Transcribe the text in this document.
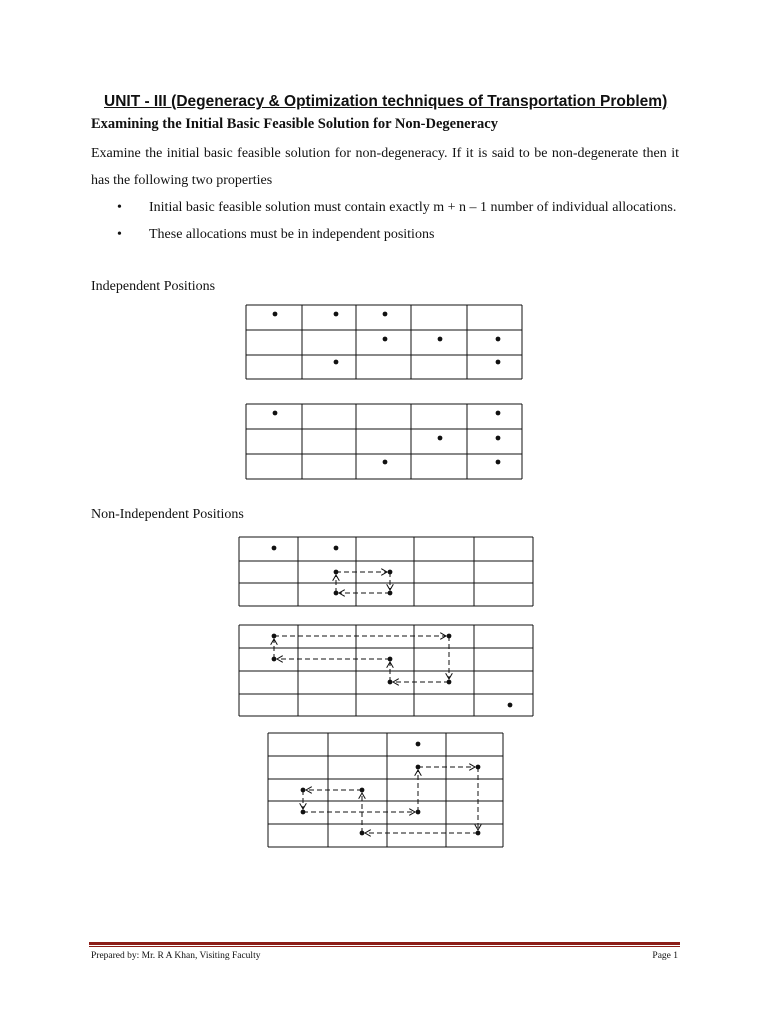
UNIT - III (Degeneracy & Optimization techniques of Transportation Problem)
Examining the Initial Basic Feasible Solution for Non-Degeneracy

Examine the initial basic feasible solution for non-degeneracy. If it is said to be non-degenerate then it has the following two properties

• Initial basic feasible solution must contain exactly m + n – 1 number of individual allocations.
• These allocations must be in independent positions

Independent Positions

Non-Independent Positions

Prepared by: Mr. R A Khan, Visiting Faculty	Page 1
